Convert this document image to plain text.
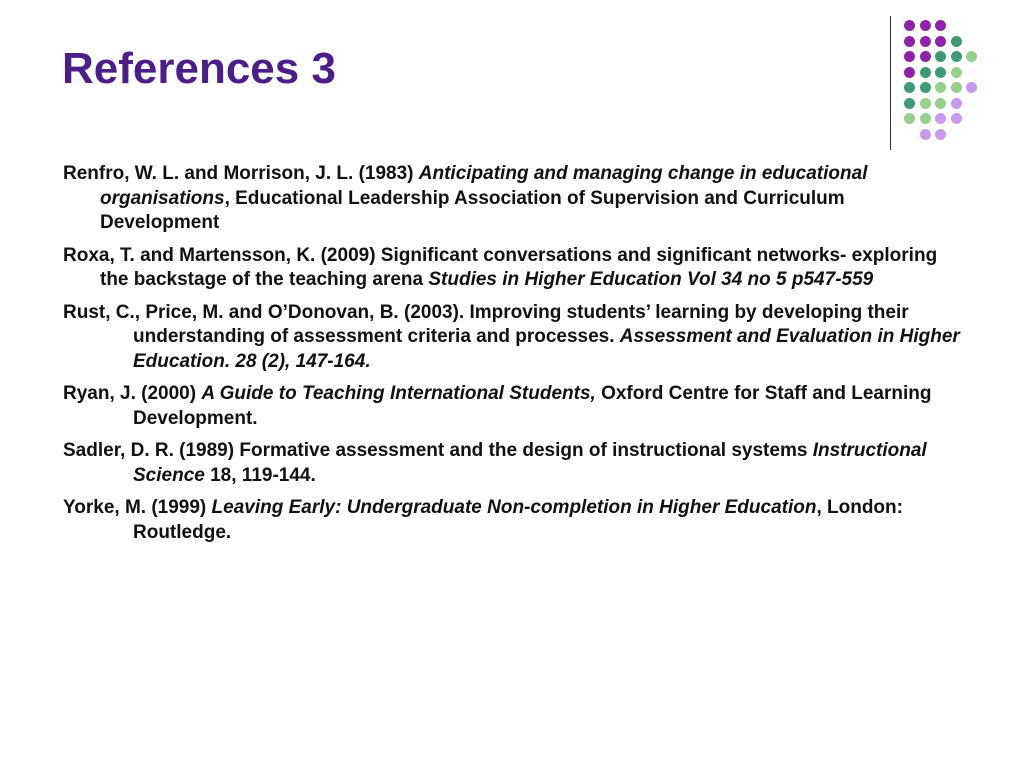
References 3

Renfro, W. L. and Morrison, J. L. (1983) Anticipating and managing change in educational organisations, Educational Leadership Association of Supervision and Curriculum Development

Roxa, T. and Martensson, K. (2009) Significant conversations and significant networks- exploring the backstage of the teaching arena Studies in Higher Education Vol 34 no 5 p547-559

Rust, C., Price, M. and O’Donovan, B. (2003). Improving students’ learning by developing their understanding of assessment criteria and processes. Assessment and Evaluation in Higher Education. 28 (2), 147-164.

Ryan, J. (2000) A Guide to Teaching International Students, Oxford Centre for Staff and Learning Development.

Sadler, D. R. (1989) Formative assessment and the design of instructional systems Instructional Science 18, 119-144.

Yorke, M. (1999) Leaving Early: Undergraduate Non-completion in Higher Education, London: Routledge.
